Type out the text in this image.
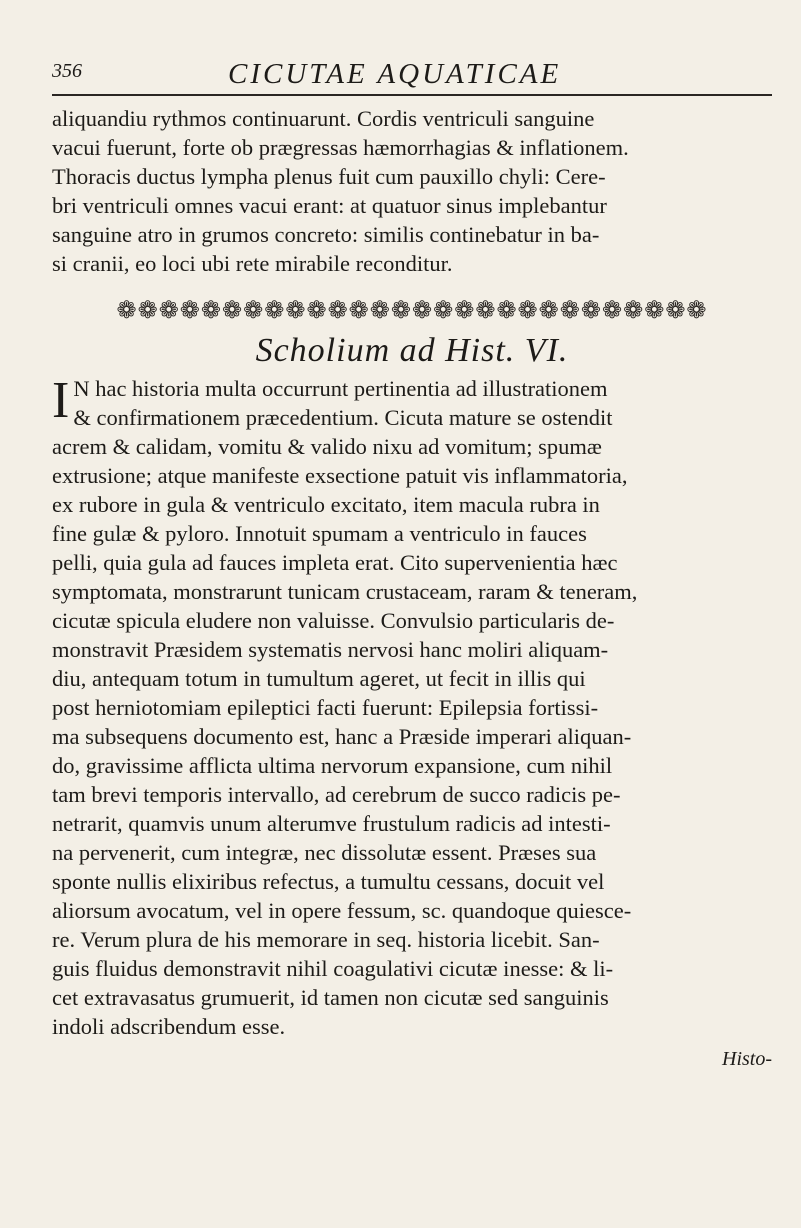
356	CICUTAE AQUATICAE

aliquandiu rythmos continuarunt. Cordis ventriculi sanguine
vacui fuerunt, forte ob prægressas hæmorrhagias & inflationem.
Thoracis ductus lympha plenus fuit cum pauxillo chyli: Cere-
bri ventriculi omnes vacui erant: at quatuor sinus implebantur
sanguine atro in grumos concreto: similis continebatur in ba-
si cranii, eo loci ubi rete mirabile reconditur.

❁❁❁❁❁❁❁❁❁❁❁❁❁❁❁❁❁❁❁❁❁❁❁❁❁❁❁❁
Scholium ad Hist. VI.

I N hac historia multa occurrunt pertinentia ad illustrationem
& confirmationem præcedentium. Cicuta mature se ostendit
acrem & calidam, vomitu & valido nixu ad vomitum; spumæ
extrusione; atque manifeste exsectione patuit vis inflammatoria,
ex rubore in gula & ventriculo excitato, item macula rubra in
fine gulæ & pyloro. Innotuit spumam a ventriculo in fauces
pelli, quia gula ad fauces impleta erat. Cito supervenientia hæc
symptomata, monstrarunt tunicam crustaceam, raram & teneram,
cicutæ spicula eludere non valuisse. Convulsio particularis de-
monstravit Præsidem systematis nervosi hanc moliri aliquam-
diu, antequam totum in tumultum ageret, ut fecit in illis qui
post herniotomiam epileptici facti fuerunt: Epilepsia fortissi-
ma subsequens documento est, hanc a Præside imperari aliquan-
do, gravissime afflicta ultima nervorum expansione, cum nihil
tam brevi temporis intervallo, ad cerebrum de succo radicis pe-
netrarit, quamvis unum alterumve frustulum radicis ad intesti-
na pervenerit, cum integræ, nec dissolutæ essent. Præses sua
sponte nullis elixiribus refectus, a tumultu cessans, docuit vel
aliorsum avocatum, vel in opere fessum, sc. quandoque quiesce-
re. Verum plura de his memorare in seq. historia licebit. San-
guis fluidus demonstravit nihil coagulativi cicutæ inesse: & li-
cet extravasatus grumuerit, id tamen non cicutæ sed sanguinis
indoli adscribendum esse.

Histo-
